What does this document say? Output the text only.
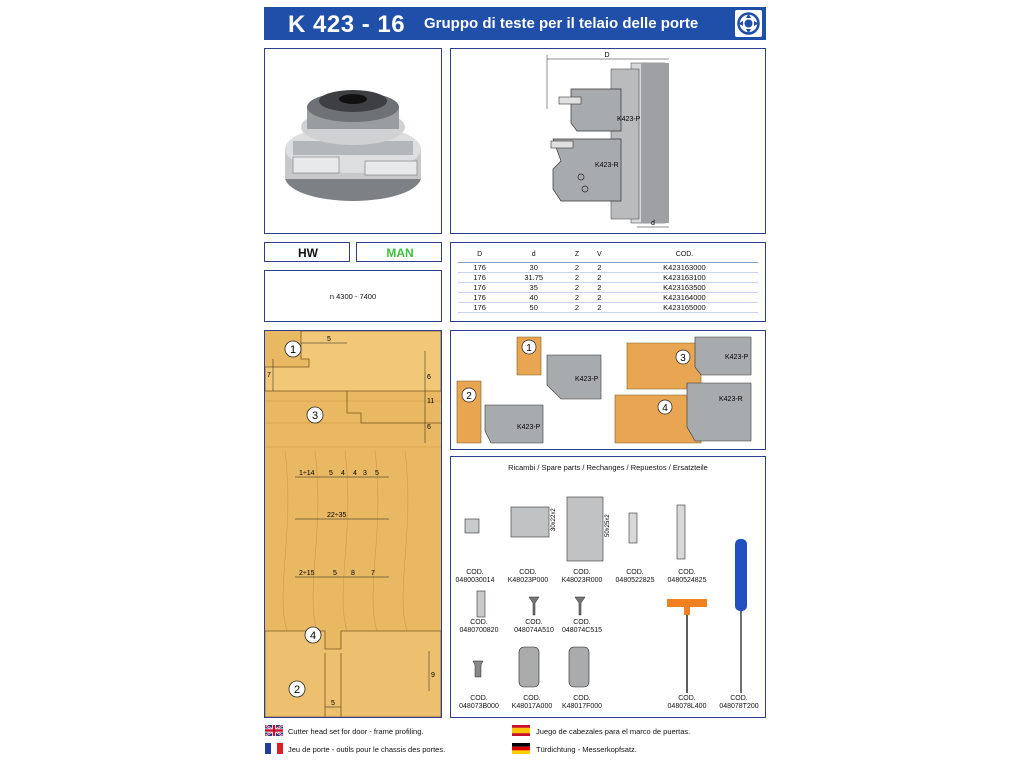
K 423 - 16 Gruppo di teste per il telaio delle porte
D
K423-P
K423-R
d
HW	MAN
n 4300 - 7400
D	d	Z	V	COD.
176	30	2	2	K423163000
176	31.75	2	2	K423163100
176	35	2	2	K423163500
176	40	2	2	K423164000
176	50	2	2	K423165000
1
3
4
2
5
7	6
11
6
1÷14 5 4 4 3 5
22÷35
2÷15	5 8 7
9
5
1
2
3
4
K423-P
K423-P
K423-P
K423-R
Ricambi / Spare parts / Rechanges / Repuestos / Ersatzteile
30x22x2	50x25x2
COD.
0480030014
COD.
K48023P000
COD.
K48023R000
COD.
0480522825
COD.
0480524825
COD.
0480700820
COD.
048074A510
COD.
048074C515
COD.
048073B000
COD.
K48017A000
COD.
K48017F000
COD.
048078L400
COD.
048078T200
Cutter head set for door - frame profiling.
Jeu de porte - outils pour le chassis des portes.
Juego de cabezales para el marco de puertas.
Türdichtung - Messerkopfsatz.
